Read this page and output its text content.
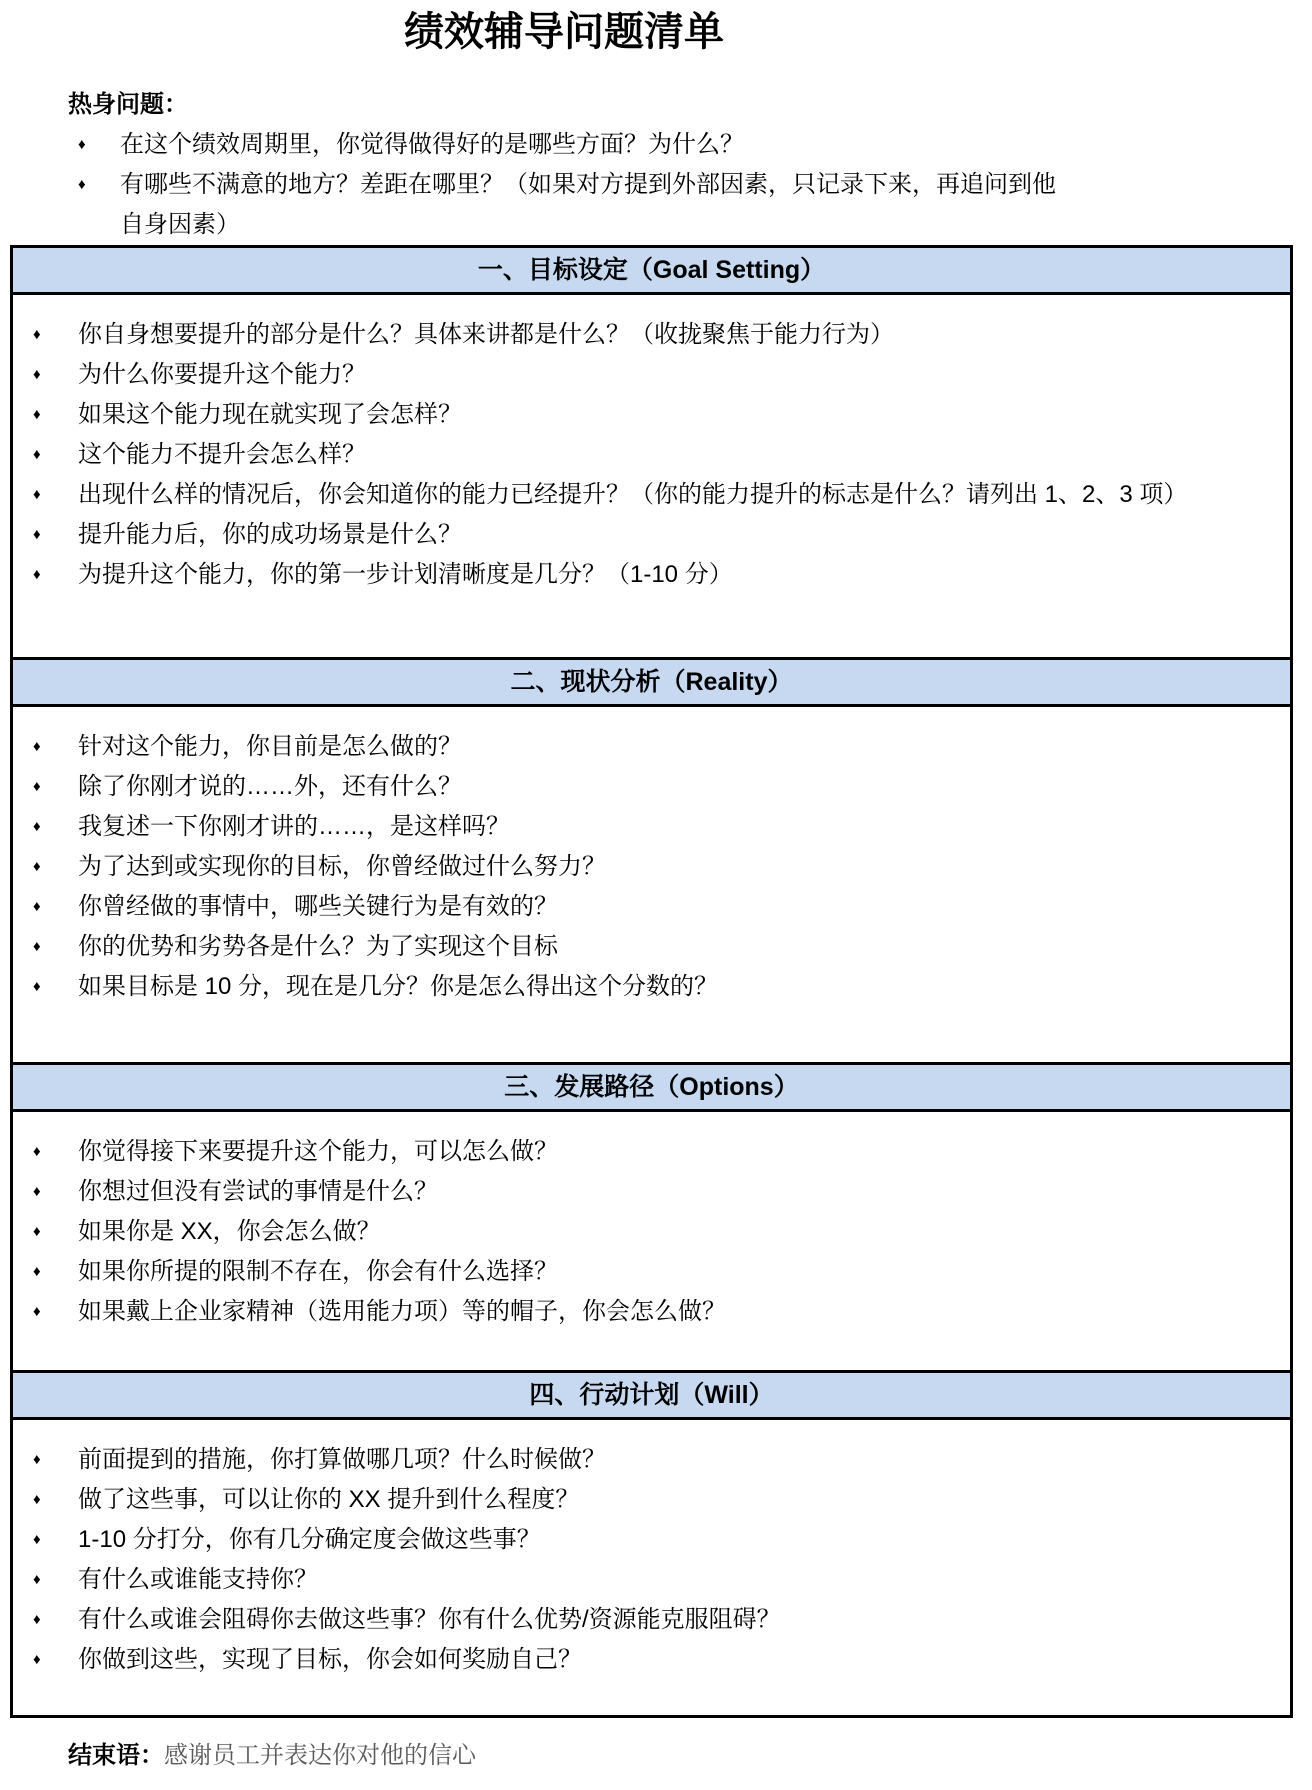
绩效辅导问题清单
热身问题：
♦	在这个绩效周期里，你觉得做得好的是哪些方面？为什么？
♦	有哪些不满意的地方？差距在哪里？（如果对方提到外部因素，只记录下来，再追问到他自身因素）
一、目标设定（Goal Setting）
♦	你自身想要提升的部分是什么？具体来讲都是什么？（收拢聚焦于能力行为）
♦	为什么你要提升这个能力？
♦	如果这个能力现在就实现了会怎样？
♦	这个能力不提升会怎么样？
♦	出现什么样的情况后，你会知道你的能力已经提升？（你的能力提升的标志是什么？请列出 1、2、3 项）
♦	提升能力后，你的成功场景是什么？
♦	为提升这个能力，你的第一步计划清晰度是几分？（1-10 分）
二、现状分析（Reality）
♦	针对这个能力，你目前是怎么做的？
♦	除了你刚才说的……外，还有什么？
♦	我复述一下你刚才讲的……，是这样吗？
♦	为了达到或实现你的目标，你曾经做过什么努力？
♦	你曾经做的事情中，哪些关键行为是有效的？
♦	你的优势和劣势各是什么？为了实现这个目标
♦	如果目标是 10 分，现在是几分？你是怎么得出这个分数的？
三、发展路径（Options）
♦	你觉得接下来要提升这个能力，可以怎么做？
♦	你想过但没有尝试的事情是什么？
♦	如果你是 XX，你会怎么做？
♦	如果你所提的限制不存在，你会有什么选择？
♦	如果戴上企业家精神（选用能力项）等的帽子，你会怎么做？
四、行动计划（Will）
♦	前面提到的措施，你打算做哪几项？什么时候做？
♦	做了这些事，可以让你的 XX 提升到什么程度？
♦	1-10 分打分，你有几分确定度会做这些事？
♦	有什么或谁能支持你？
♦	有什么或谁会阻碍你去做这些事？你有什么优势/资源能克服阻碍？
♦	你做到这些，实现了目标，你会如何奖励自己？
结束语：感谢员工并表达你对他的信心
